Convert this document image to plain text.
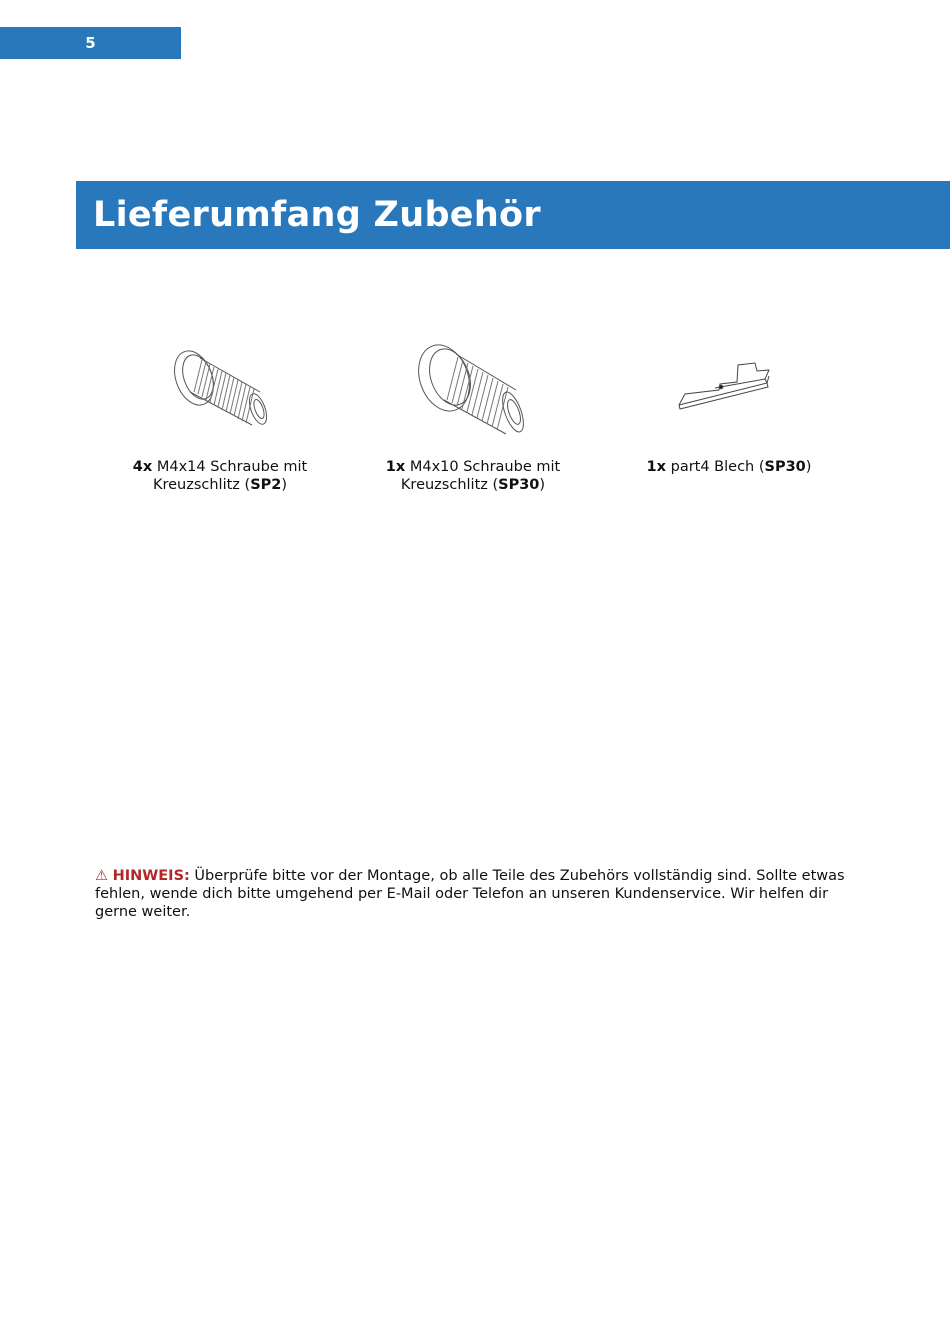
5
Lieferumfang Zubehör
4x M4x14 Schraube mit
Kreuzschlitz (SP2)
1x M4x10 Schraube mit
Kreuzschlitz (SP30)
1x part4 Blech (SP30)
⚠ HINWEIS: Überprüfe bitte vor der Montage, ob alle Teile des Zubehörs vollständig sind. Sollte etwas fehlen, wende dich bitte umgehend per E-Mail oder Telefon an unseren Kundenservice. Wir helfen dir gerne weiter.
